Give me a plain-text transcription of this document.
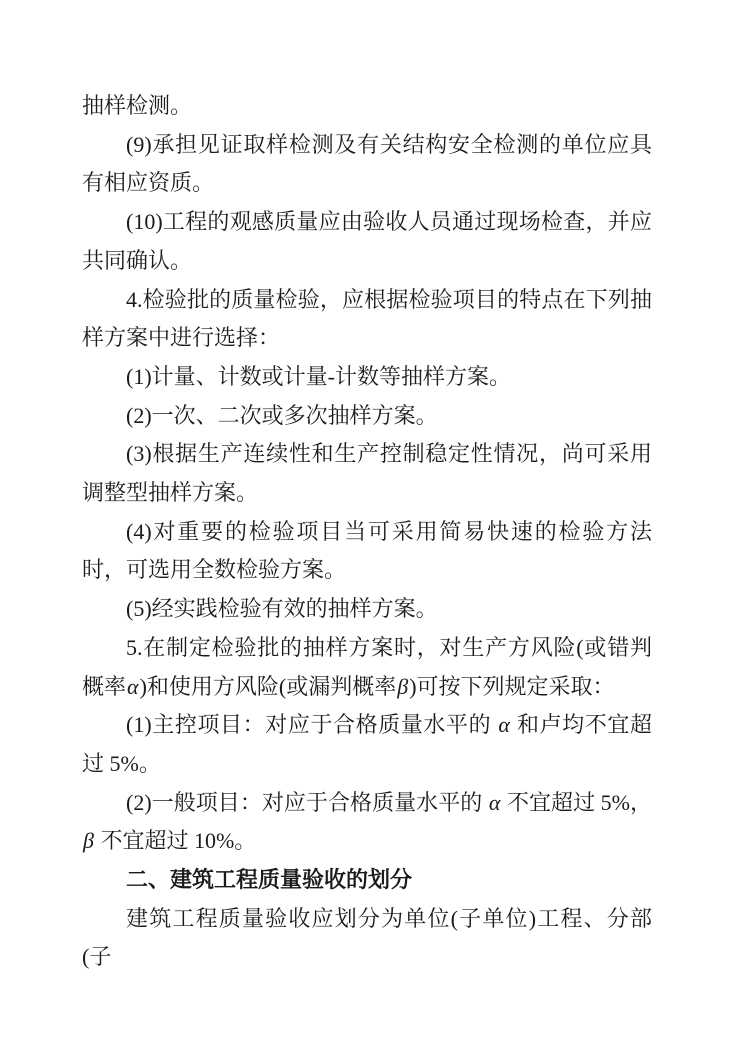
抽样检测。
(9)承担见证取样检测及有关结构安全检测的单位应具有相应资质。
(10)工程的观感质量应由验收人员通过现场检查，并应共同确认。
4.检验批的质量检验，应根据检验项目的特点在下列抽样方案中进行选择：
(1)计量、计数或计量-计数等抽样方案。
(2)一次、二次或多次抽样方案。
(3)根据生产连续性和生产控制稳定性情况，尚可采用调整型抽样方案。
(4)对重要的检验项目当可采用简易快速的检验方法时，可选用全数检验方案。
(5)经实践检验有效的抽样方案。
5.在制定检验批的抽样方案时，对生产方风险(或错判概率α)和使用方风险(或漏判概率β)可按下列规定采取：
(1)主控项目：对应于合格质量水平的 α 和卢均不宜超过 5%。
(2)一般项目：对应于合格质量水平的 α 不宜超过 5%，β 不宜超过 10%。
二、建筑工程质量验收的划分
建筑工程质量验收应划分为单位(子单位)工程、分部(子
